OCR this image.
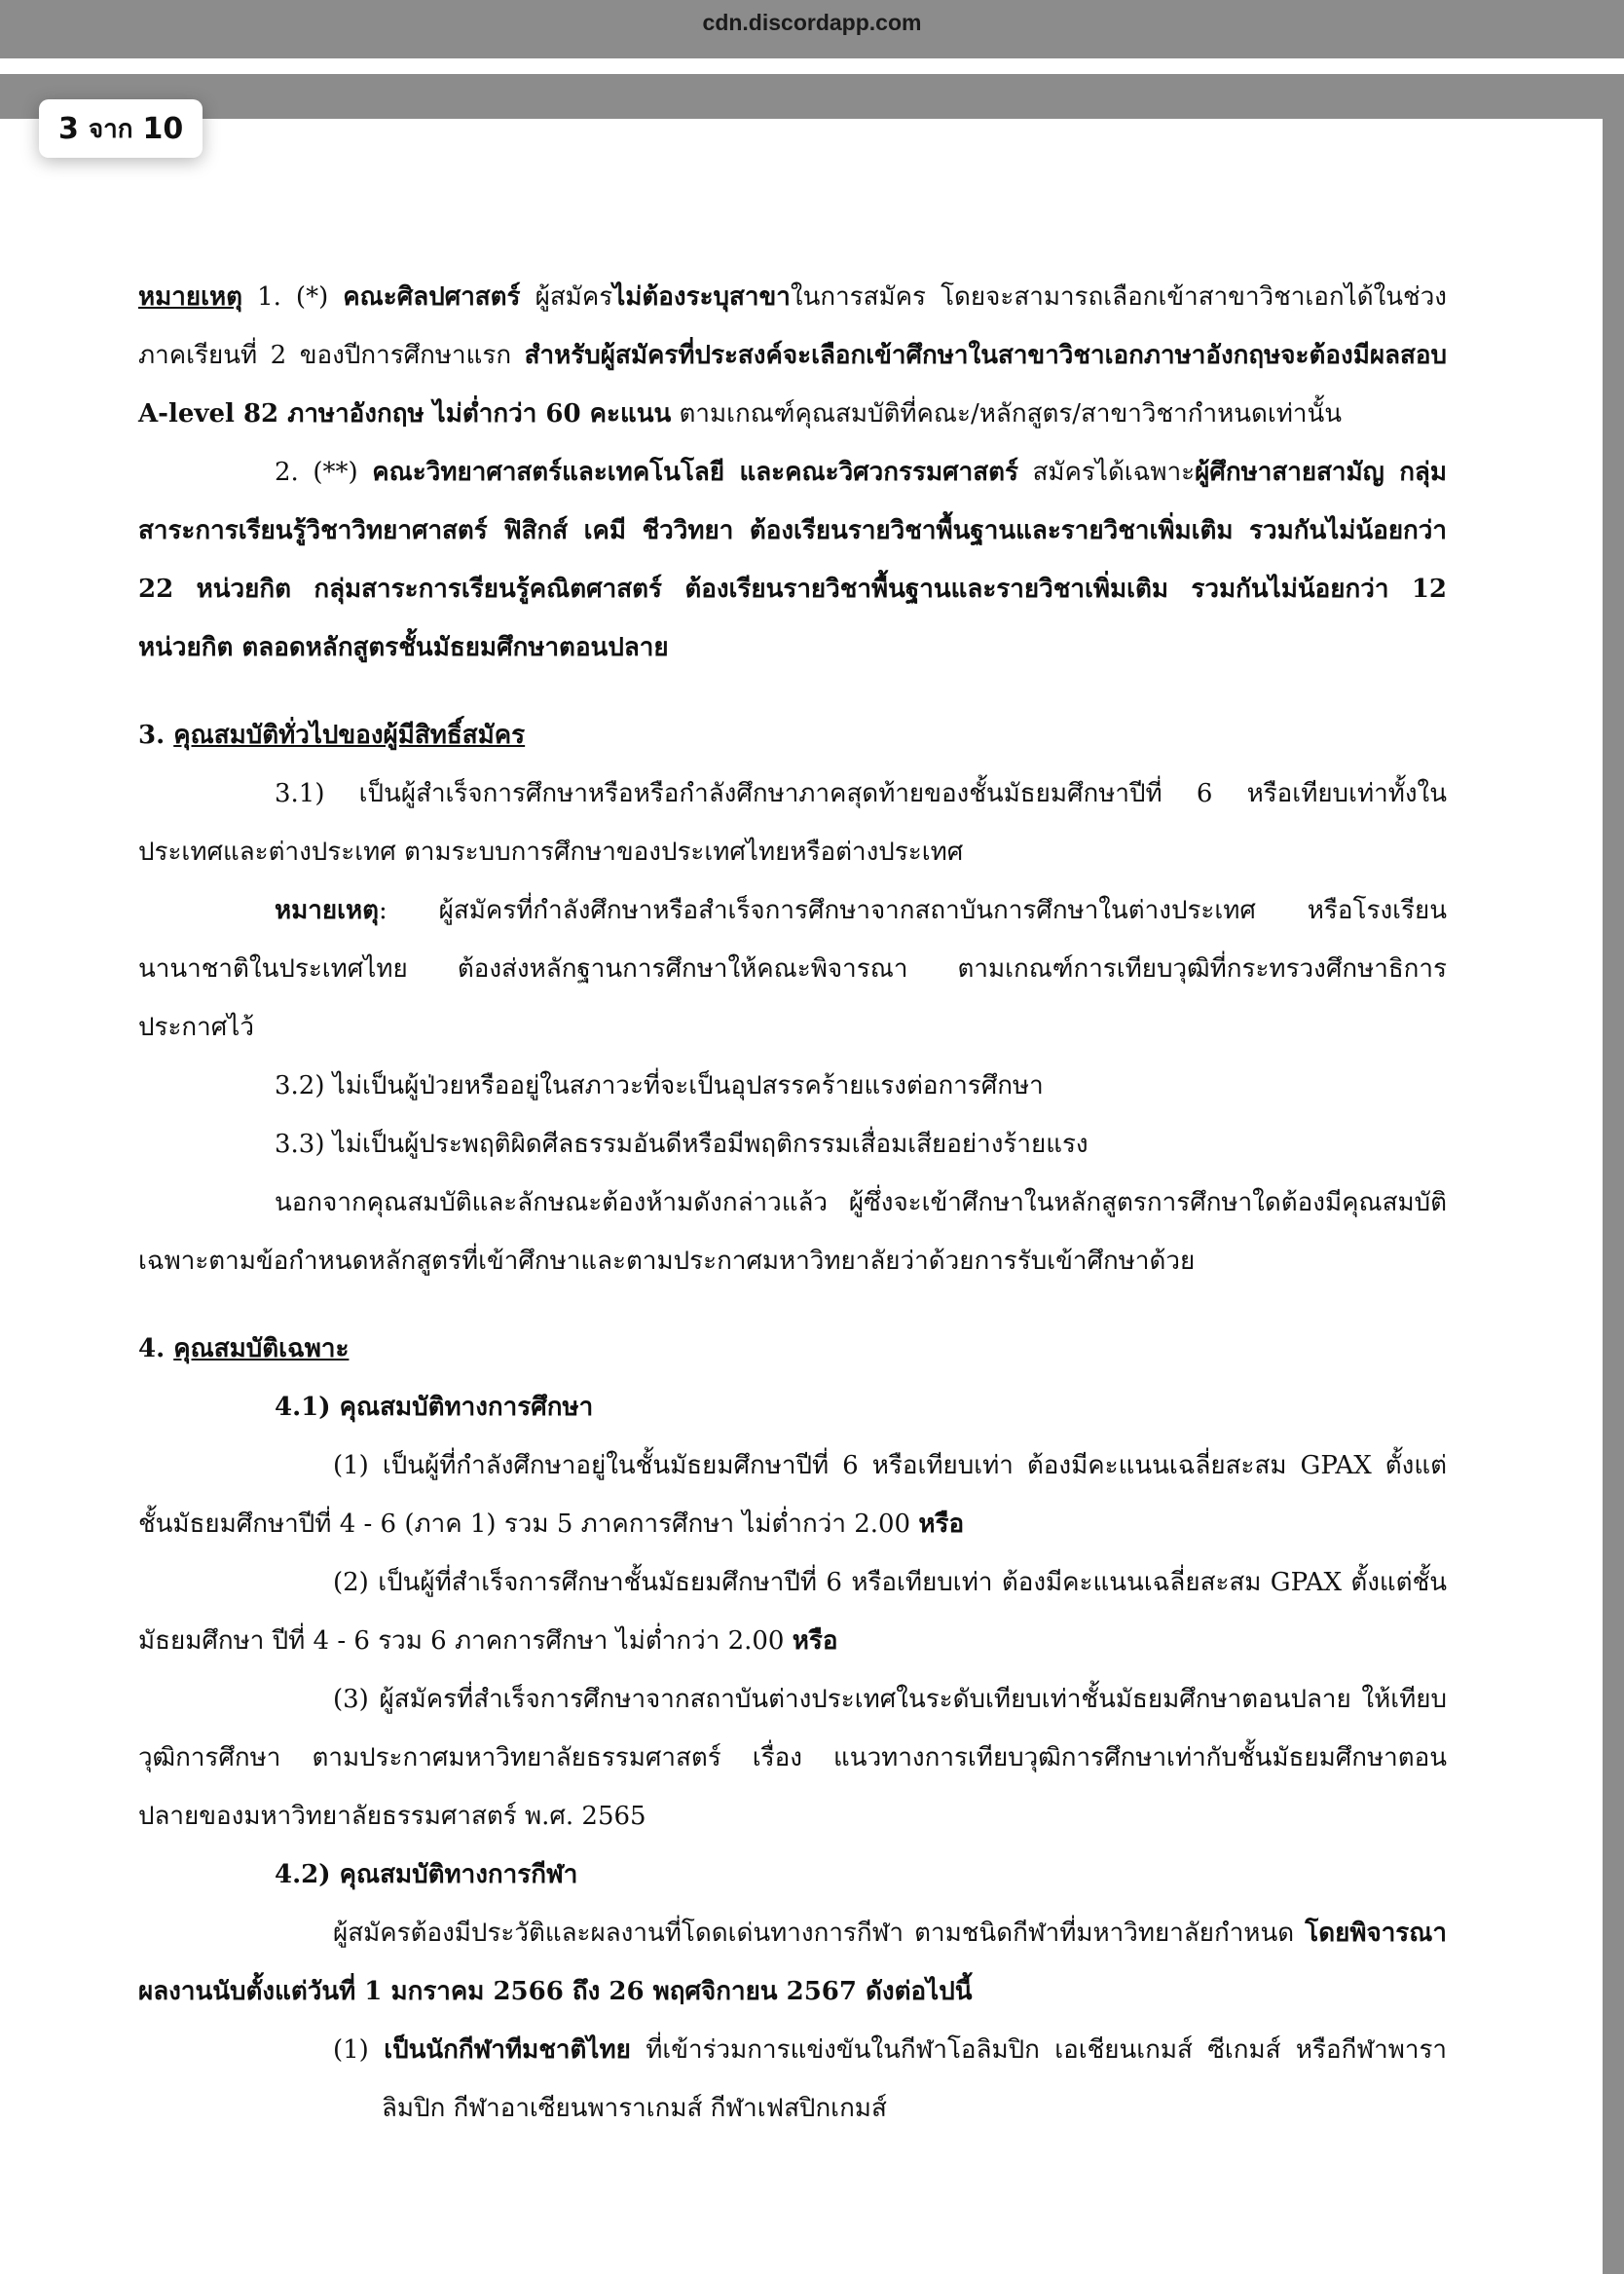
cdn.discordapp.com
3 จาก 10

หมายเหตุ 1. (*) คณะศิลปศาสตร์ ผู้สมัครไม่ต้องระบุสาขาในการสมัคร โดยจะสามารถเลือกเข้าสาขาวิชาเอกได้ในช่วง ภาคเรียนที่ 2 ของปีการศึกษาแรก สำหรับผู้สมัครที่ประสงค์จะเลือกเข้าศึกษาในสาขาวิชาเอกภาษาอังกฤษจะต้องมีผลสอบ A-level 82 ภาษาอังกฤษ ไม่ต่ำกว่า 60 คะแนน ตามเกณฑ์คุณสมบัติที่คณะ/หลักสูตร/สาขาวิชากำหนดเท่านั้น

2. (**) คณะวิทยาศาสตร์และเทคโนโลยี และคณะวิศวกรรมศาสตร์ สมัครได้เฉพาะผู้ศึกษาสายสามัญ กลุ่มสาระการเรียนรู้วิชาวิทยาศาสตร์ ฟิสิกส์ เคมี ชีววิทยา ต้องเรียนรายวิชาพื้นฐานและรายวิชาเพิ่มเติม รวมกันไม่น้อยกว่า 22 หน่วยกิต กลุ่มสาระการเรียนรู้คณิตศาสตร์ ต้องเรียนรายวิชาพื้นฐานและรายวิชาเพิ่มเติม รวมกันไม่น้อยกว่า 12 หน่วยกิต ตลอดหลักสูตรชั้นมัธยมศึกษาตอนปลาย

3. คุณสมบัติทั่วไปของผู้มีสิทธิ์สมัคร

3.1) เป็นผู้สำเร็จการศึกษาหรือหรือกำลังศึกษาภาคสุดท้ายของชั้นมัธยมศึกษาปีที่ 6 หรือเทียบเท่าทั้งในประเทศและต่างประเทศ ตามระบบการศึกษาของประเทศไทยหรือต่างประเทศ

หมายเหตุ: ผู้สมัครที่กำลังศึกษาหรือสำเร็จการศึกษาจากสถาบันการศึกษาในต่างประเทศ หรือโรงเรียนนานาชาติในประเทศไทย ต้องส่งหลักฐานการศึกษาให้คณะพิจารณา ตามเกณฑ์การเทียบวุฒิที่กระทรวงศึกษาธิการประกาศไว้

3.2) ไม่เป็นผู้ป่วยหรืออยู่ในสภาวะที่จะเป็นอุปสรรคร้ายแรงต่อการศึกษา

3.3) ไม่เป็นผู้ประพฤติผิดศีลธรรมอันดีหรือมีพฤติกรรมเสื่อมเสียอย่างร้ายแรง

นอกจากคุณสมบัติและลักษณะต้องห้ามดังกล่าวแล้ว ผู้ซึ่งจะเข้าศึกษาในหลักสูตรการศึกษาใดต้องมีคุณสมบัติเฉพาะตามข้อกำหนดหลักสูตรที่เข้าศึกษาและตามประกาศมหาวิทยาลัยว่าด้วยการรับเข้าศึกษาด้วย

4. คุณสมบัติเฉพาะ

4.1) คุณสมบัติทางการศึกษา

(1) เป็นผู้ที่กำลังศึกษาอยู่ในชั้นมัธยมศึกษาปีที่ 6 หรือเทียบเท่า ต้องมีคะแนนเฉลี่ยสะสม GPAX ตั้งแต่ชั้นมัธยมศึกษาปีที่ 4 - 6 (ภาค 1) รวม 5 ภาคการศึกษา ไม่ต่ำกว่า 2.00 หรือ

(2) เป็นผู้ที่สำเร็จการศึกษาชั้นมัธยมศึกษาปีที่ 6 หรือเทียบเท่า ต้องมีคะแนนเฉลี่ยสะสม GPAX ตั้งแต่ชั้นมัธยมศึกษา ปีที่ 4 - 6 รวม 6 ภาคการศึกษา ไม่ต่ำกว่า 2.00 หรือ

(3) ผู้สมัครที่สำเร็จการศึกษาจากสถาบันต่างประเทศในระดับเทียบเท่าชั้นมัธยมศึกษาตอนปลาย ให้เทียบวุฒิการศึกษา ตามประกาศมหาวิทยาลัยธรรมศาสตร์ เรื่อง แนวทางการเทียบวุฒิการศึกษาเท่ากับชั้นมัธยมศึกษาตอนปลายของมหาวิทยาลัยธรรมศาสตร์ พ.ศ. 2565

4.2) คุณสมบัติทางการกีฬา

ผู้สมัครต้องมีประวัติและผลงานที่โดดเด่นทางการกีฬา ตามชนิดกีฬาที่มหาวิทยาลัยกำหนด โดยพิจารณาผลงานนับตั้งแต่วันที่ 1 มกราคม 2566 ถึง 26 พฤศจิกายน 2567 ดังต่อไปนี้

(1) เป็นนักกีฬาทีมชาติไทย ที่เข้าร่วมการแข่งขันในกีฬาโอลิมปิก เอเชียนเกมส์ ซีเกมส์ หรือกีฬาพาราลิมปิก กีฬาอาเซียนพาราเกมส์ กีฬาเฟสปิกเกมส์
